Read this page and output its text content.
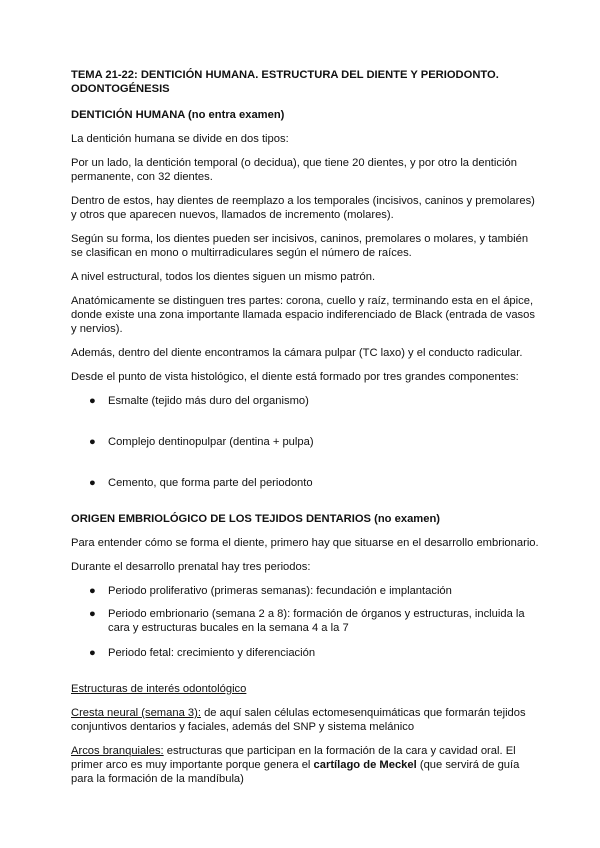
TEMA 21-22: DENTICIÓN HUMANA. ESTRUCTURA DEL DIENTE Y PERIODONTO. ODONTOGÉNESIS
DENTICIÓN HUMANA (no entra examen)

La dentición humana se divide en dos tipos:

Por un lado, la dentición temporal (o decidua), que tiene 20 dientes, y por otro la dentición permanente, con 32 dientes.

Dentro de estos, hay dientes de reemplazo a los temporales (incisivos, caninos y premolares) y otros que aparecen nuevos, llamados de incremento (molares).

Según su forma, los dientes pueden ser incisivos, caninos, premolares o molares, y también se clasifican en mono o multirradiculares según el número de raíces.

A nivel estructural, todos los dientes siguen un mismo patrón.

Anatómicamente se distinguen tres partes: corona, cuello y raíz, terminando esta en el ápice, donde existe una zona importante llamada espacio indiferenciado de Black (entrada de vasos y nervios).

Además, dentro del diente encontramos la cámara pulpar (TC laxo) y el conducto radicular.

Desde el punto de vista histológico, el diente está formado por tres grandes componentes:

● Esmalte (tejido más duro del organismo)
● Complejo dentinopulpar (dentina + pulpa)
● Cemento, que forma parte del periodonto
ORIGEN EMBRIOLÓGICO DE LOS TEJIDOS DENTARIOS (no examen)

Para entender cómo se forma el diente, primero hay que situarse en el desarrollo embrionario.

Durante el desarrollo prenatal hay tres periodos:

● Periodo proliferativo (primeras semanas): fecundación e implantación
● Periodo embrionario (semana 2 a 8): formación de órganos y estructuras, incluida la cara y estructuras bucales en la semana 4 a la 7
● Periodo fetal: crecimiento y diferenciación

Estructuras de interés odontológico

Cresta neural (semana 3): de aquí salen células ectomesenquimáticas que formarán tejidos conjuntivos dentarios y faciales, además del SNP y sistema melánico

Arcos branquiales: estructuras que participan en la formación de la cara y cavidad oral. El primer arco es muy importante porque genera el cartílago de Meckel (que servirá de guía para la formación de la mandíbula)
